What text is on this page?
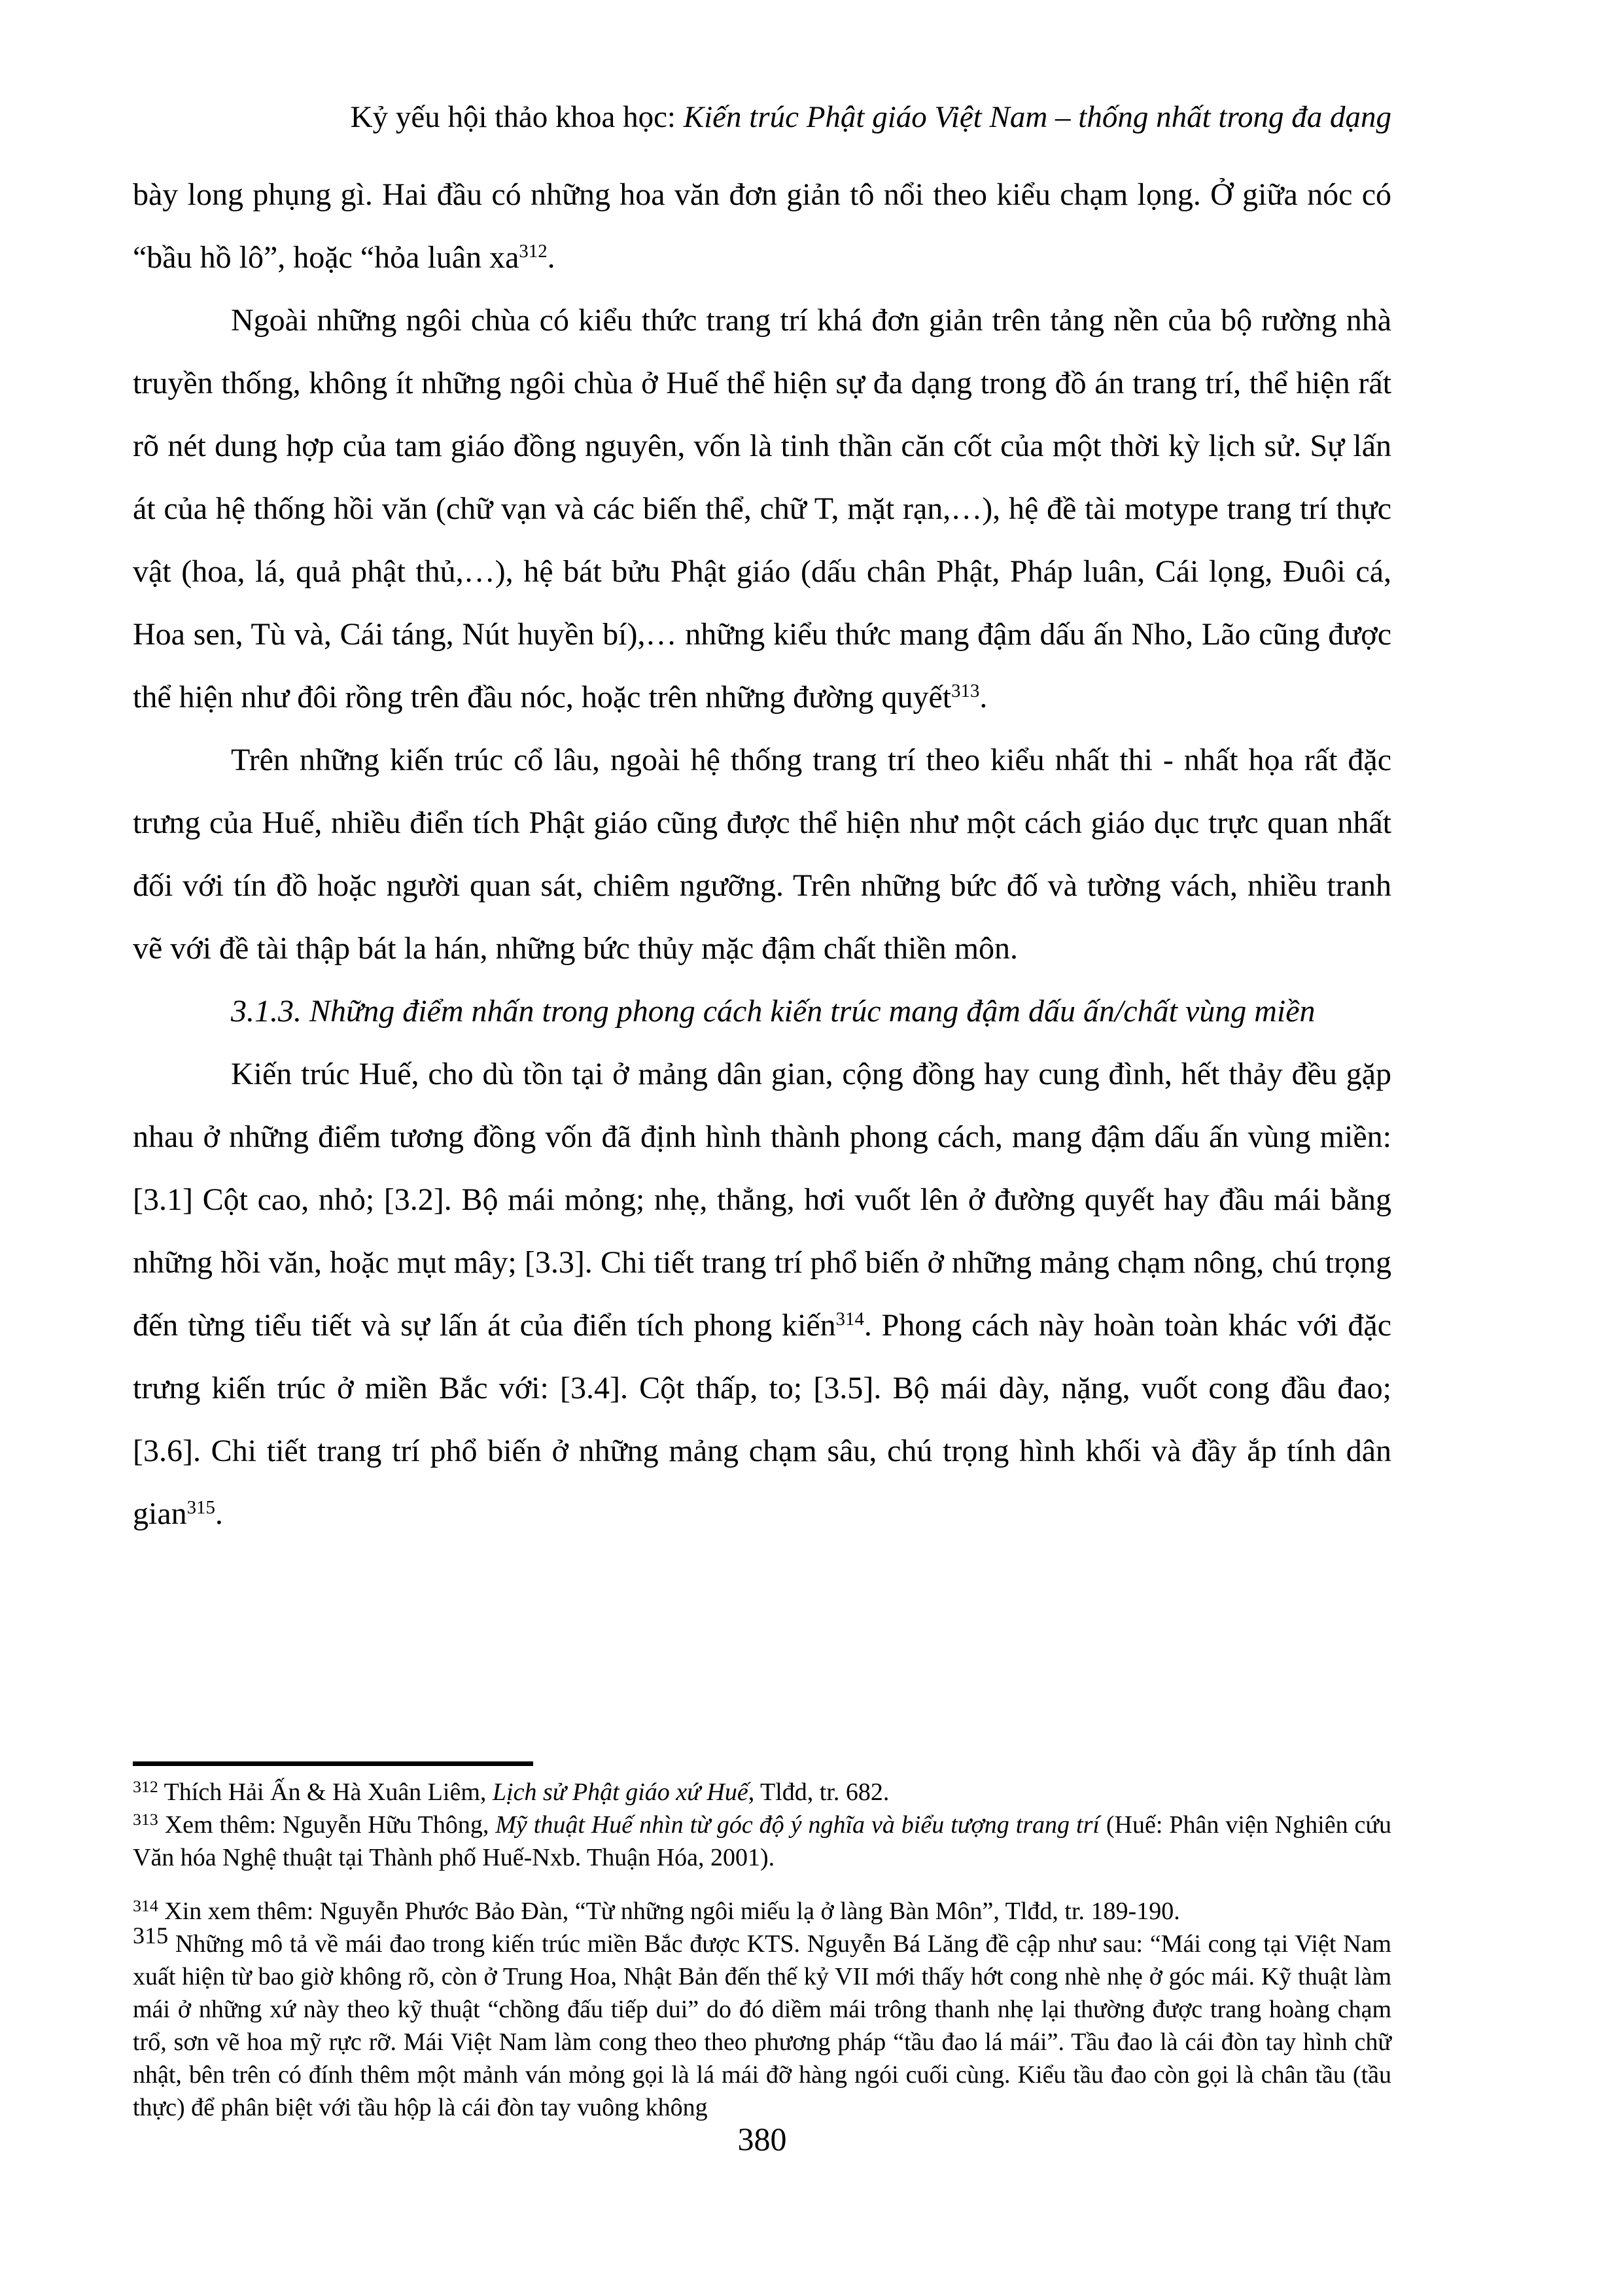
Kỷ yếu hội thảo khoa học: Kiến trúc Phật giáo Việt Nam – thống nhất trong đa dạng

bày long phụng gì. Hai đầu có những hoa văn đơn giản tô nổi theo kiểu chạm lọng. Ở giữa nóc có “bầu hồ lô”, hoặc “hỏa luân xa$^{312}$.

Ngoài những ngôi chùa có kiểu thức trang trí khá đơn giản trên tảng nền của bộ rường nhà truyền thống, không ít những ngôi chùa ở Huế thể hiện sự đa dạng trong đồ án trang trí, thể hiện rất rõ nét dung hợp của tam giáo đồng nguyên, vốn là tinh thần căn cốt của một thời kỳ lịch sử. Sự lấn át của hệ thống hồi văn (chữ vạn và các biến thể, chữ T, mặt rạn,…), hệ đề tài motype trang trí thực vật (hoa, lá, quả phật thủ,…), hệ bát bửu Phật giáo (dấu chân Phật, Pháp luân, Cái lọng, Đuôi cá, Hoa sen, Tù và, Cái táng, Nút huyền bí),… những kiểu thức mang đậm dấu ấn Nho, Lão cũng được thể hiện như đôi rồng trên đầu nóc, hoặc trên những đường quyết$^{313}$.

Trên những kiến trúc cổ lâu, ngoài hệ thống trang trí theo kiểu nhất thi - nhất họa rất đặc trưng của Huế, nhiều điển tích Phật giáo cũng được thể hiện như một cách giáo dục trực quan nhất đối với tín đồ hoặc người quan sát, chiêm ngưỡng. Trên những bức đố và tường vách, nhiều tranh vẽ với đề tài thập bát la hán, những bức thủy mặc đậm chất thiền môn.

3.1.3. Những điểm nhấn trong phong cách kiến trúc mang đậm dấu ấn/chất vùng miền

Kiến trúc Huế, cho dù tồn tại ở mảng dân gian, cộng đồng hay cung đình, hết thảy đều gặp nhau ở những điểm tương đồng vốn đã định hình thành phong cách, mang đậm dấu ấn vùng miền: [3.1] Cột cao, nhỏ; [3.2]. Bộ mái mỏng; nhẹ, thẳng, hơi vuốt lên ở đường quyết hay đầu mái bằng những hồi văn, hoặc mụt mây; [3.3]. Chi tiết trang trí phổ biến ở những mảng chạm nông, chú trọng đến từng tiểu tiết và sự lấn át của điển tích phong kiến$^{314}$. Phong cách này hoàn toàn khác với đặc trưng kiến trúc ở miền Bắc với: [3.4]. Cột thấp, to; [3.5]. Bộ mái dày, nặng, vuốt cong đầu đao; [3.6]. Chi tiết trang trí phổ biến ở những mảng chạm sâu, chú trọng hình khối và đầy ắp tính dân gian$^{315}$.

$^{312}$ Thích Hải Ấn & Hà Xuân Liêm, Lịch sử Phật giáo xứ Huế, Tlđd, tr. 682.

$^{313}$ Xem thêm: Nguyễn Hữu Thông, Mỹ thuật Huế nhìn từ góc độ ý nghĩa và biểu tượng trang trí (Huế: Phân viện Nghiên cứu Văn hóa Nghệ thuật tại Thành phố Huế-Nxb. Thuận Hóa, 2001).

$^{314}$ Xin xem thêm: Nguyễn Phước Bảo Đàn, “Từ những ngôi miếu lạ ở làng Bàn Môn”, Tlđd, tr. 189-190.

$^{315}$ Những mô tả về mái đao trong kiến trúc miền Bắc được KTS. Nguyễn Bá Lăng đề cập như sau: “Mái cong tại Việt Nam xuất hiện từ bao giờ không rõ, còn ở Trung Hoa, Nhật Bản đến thế kỷ VII mới thấy hớt cong nhè nhẹ ở góc mái. Kỹ thuật làm mái ở những xứ này theo kỹ thuật “chồng đấu tiếp dui” do đó diềm mái trông thanh nhẹ lại thường được trang hoàng chạm trổ, sơn vẽ hoa mỹ rực rỡ. Mái Việt Nam làm cong theo theo phương pháp “tầu đao lá mái”. Tầu đao là cái đòn tay hình chữ nhật, bên trên có đính thêm một mảnh ván mỏng gọi là lá mái đỡ hàng ngói cuối cùng. Kiểu tầu đao còn gọi là chân tầu (tầu thực) để phân biệt với tầu hộp là cái đòn tay vuông không

380
